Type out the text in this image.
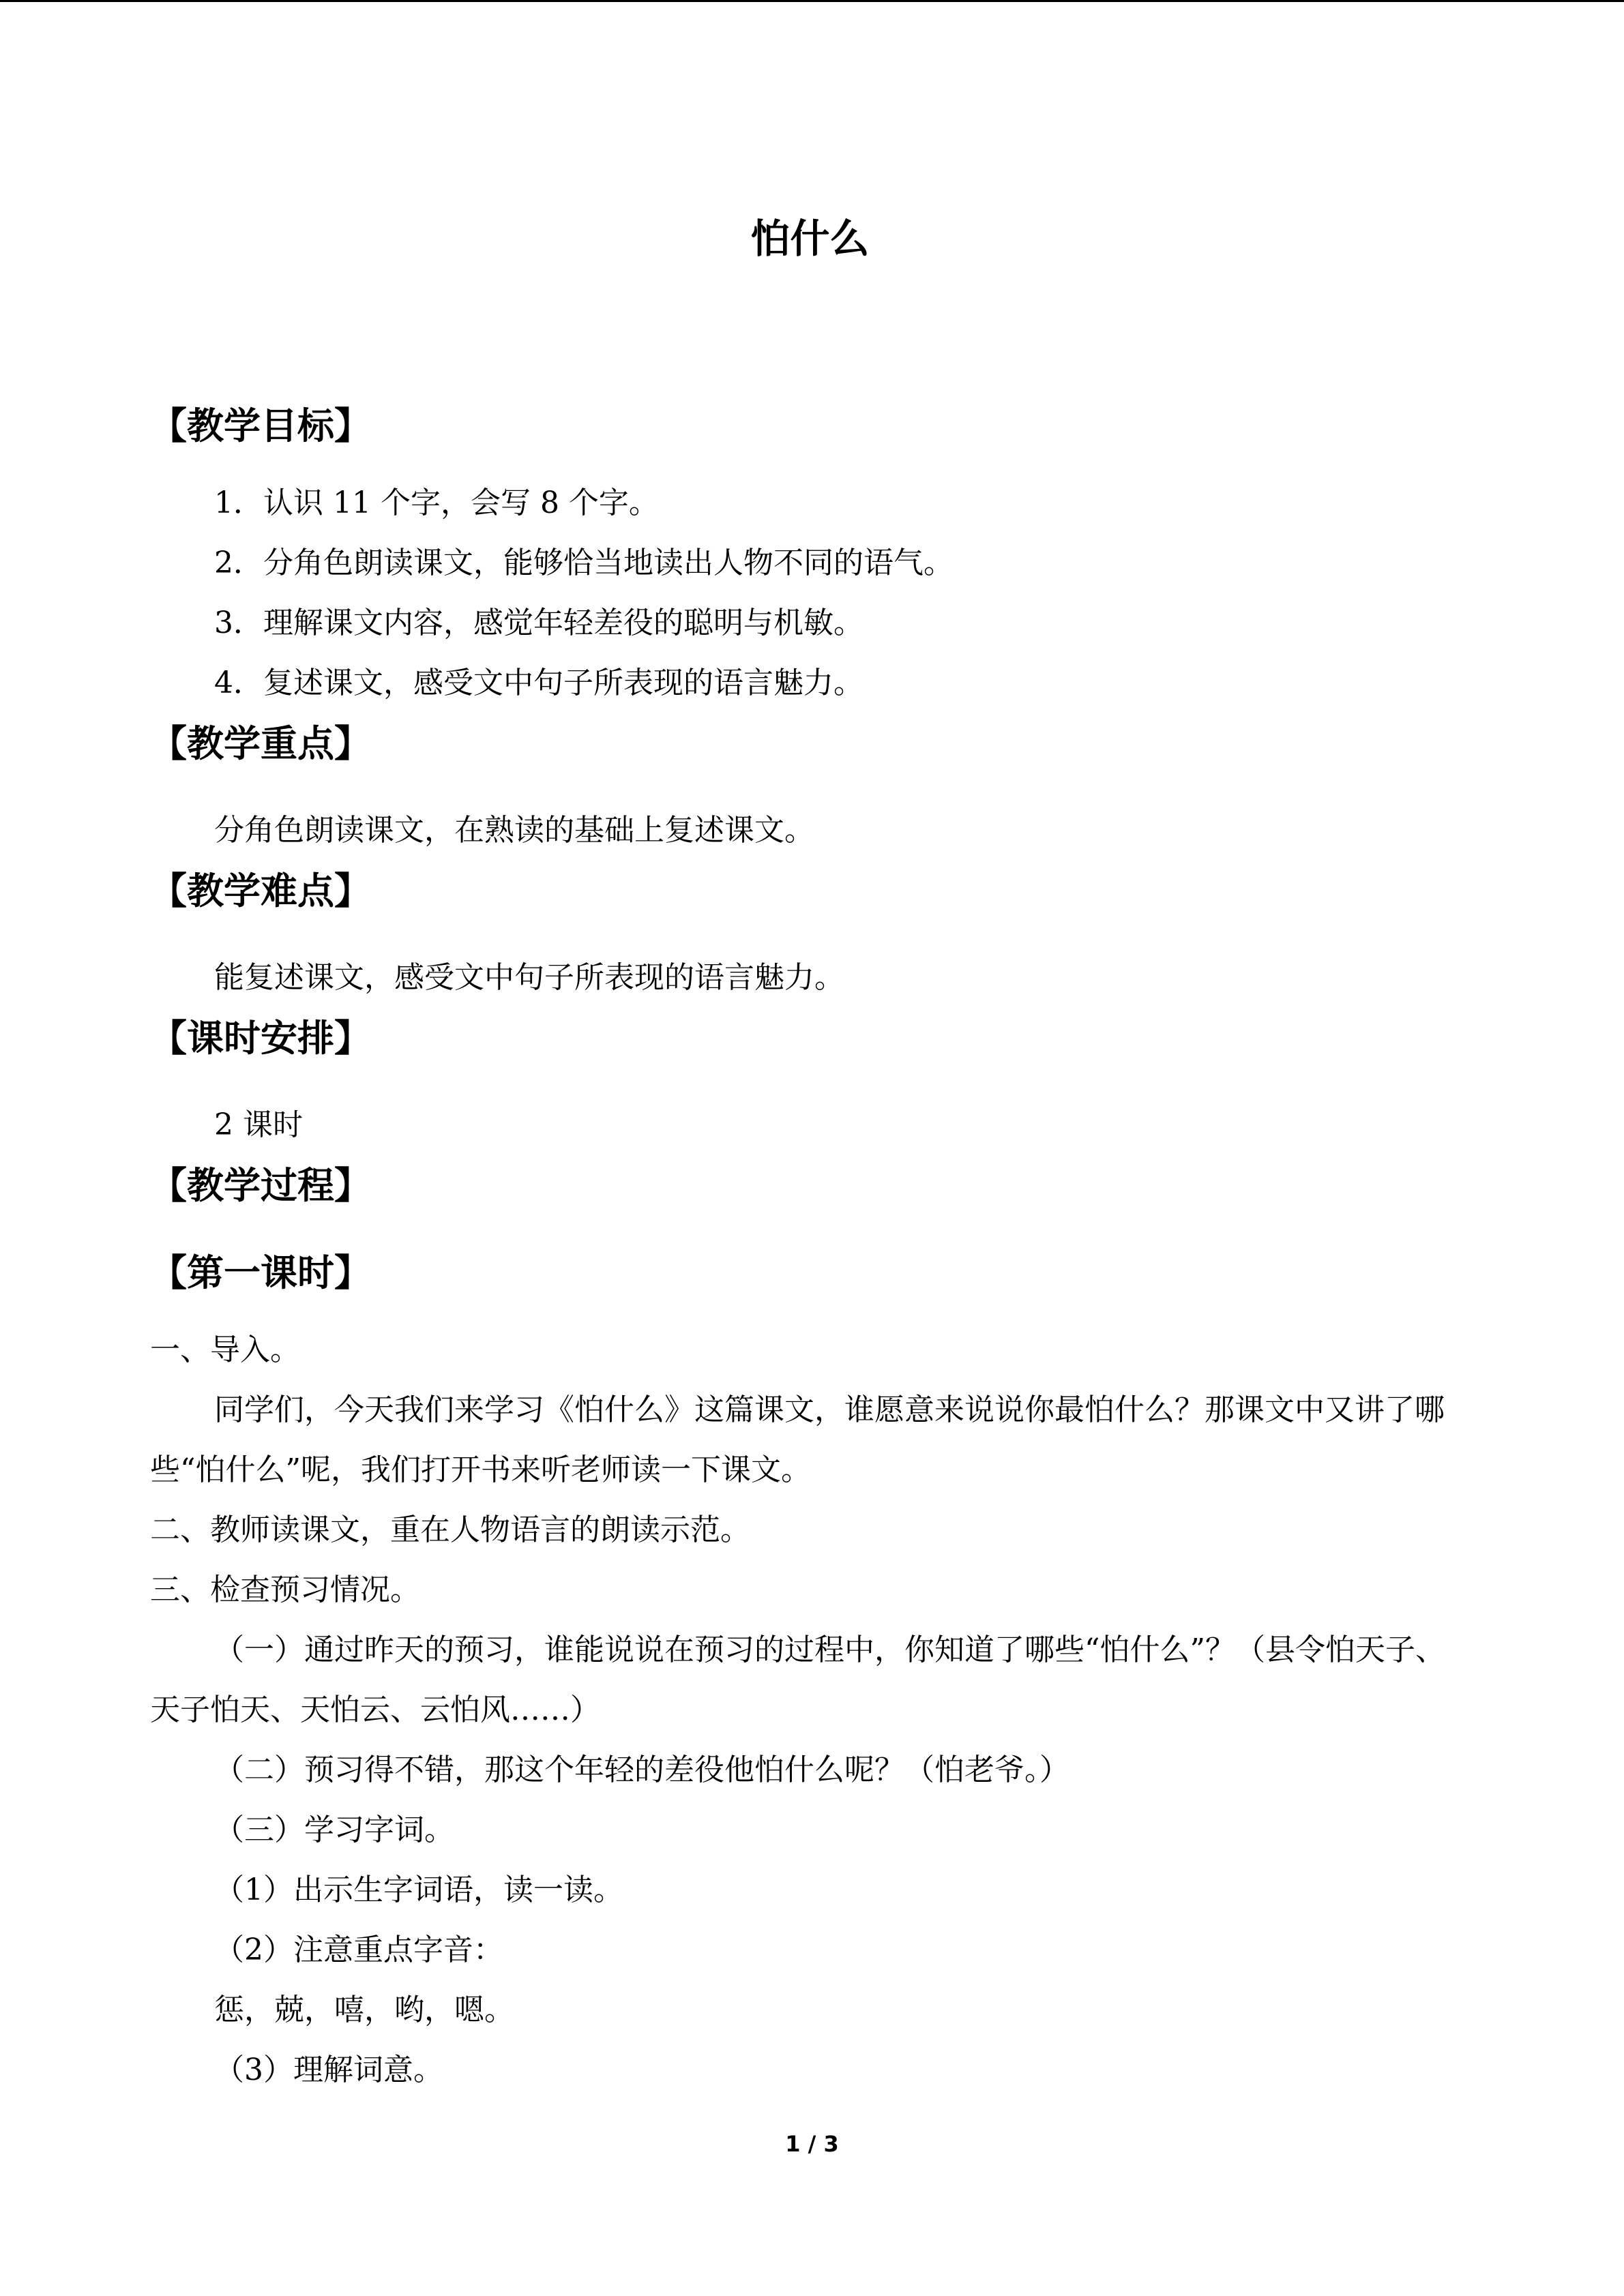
怕什么
【教学目标】
1．认识 11 个字，会写 8 个字。
2．分角色朗读课文，能够恰当地读出人物不同的语气。
3．理解课文内容，感觉年轻差役的聪明与机敏。
4．复述课文，感受文中句子所表现的语言魅力。
【教学重点】
分角色朗读课文，在熟读的基础上复述课文。
【教学难点】
能复述课文，感受文中句子所表现的语言魅力。
【课时安排】
2 课时
【教学过程】
【第一课时】
一、导入。
同学们，今天我们来学习《怕什么》这篇课文，谁愿意来说说你最怕什么？那课文中又讲了哪些“怕什么”呢，我们打开书来听老师读一下课文。
二、教师读课文，重在人物语言的朗读示范。
三、检查预习情况。
（一）通过昨天的预习，谁能说说在预习的过程中，你知道了哪些“怕什么”？（县令怕天子、天子怕天、天怕云、云怕风……）
（二）预习得不错，那这个年轻的差役他怕什么呢？（怕老爷。）
（三）学习字词。
（1）出示生字词语，读一读。
（2）注意重点字音：
惩，兢，嘻，哟，嗯。
（3）理解词意。
1 / 3
